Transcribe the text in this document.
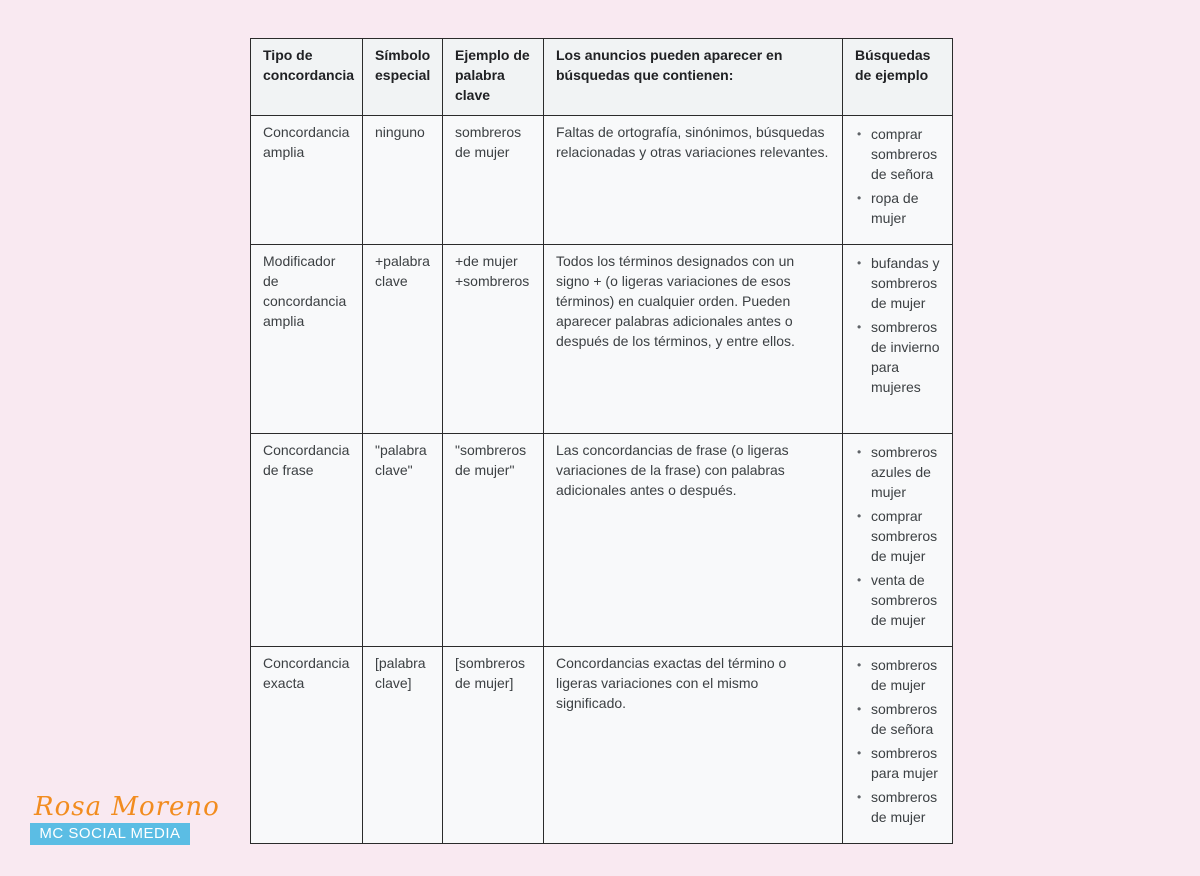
Tipo de concordancia	Símbolo especial	Ejemplo de palabra clave	Los anuncios pueden aparecer en búsquedas que contienen:	Búsquedas de ejemplo
Concordancia amplia	ninguno	sombreros de mujer	Faltas de ortografía, sinónimos, búsquedas relacionadas y otras variaciones relevantes.	
• comprar sombreros de señora
• ropa de mujer

Modificador de concordancia amplia	+palabra clave	+de mujer +sombreros	Todos los términos designados con un signo + (o ligeras variaciones de esos términos) en cualquier orden. Pueden aparecer palabras adicionales antes o después de los términos, y entre ellos.	
• bufandas y sombreros de mujer
• sombreros de invierno para mujeres

Concordancia de frase	"palabra clave"	"sombreros de mujer"	Las concordancias de frase (o ligeras variaciones de la frase) con palabras adicionales antes o después.	
• sombreros azules de mujer
• comprar sombreros de mujer
• venta de sombreros de mujer

Concordancia exacta	[palabra clave]	[sombreros de mujer]	Concordancias exactas del término o ligeras variaciones con el mismo significado.	
• sombreros de mujer
• sombreros de señora
• sombreros para mujer
• sombreros de mujer
Rosa Moreno
MC SOCIAL MEDIA
